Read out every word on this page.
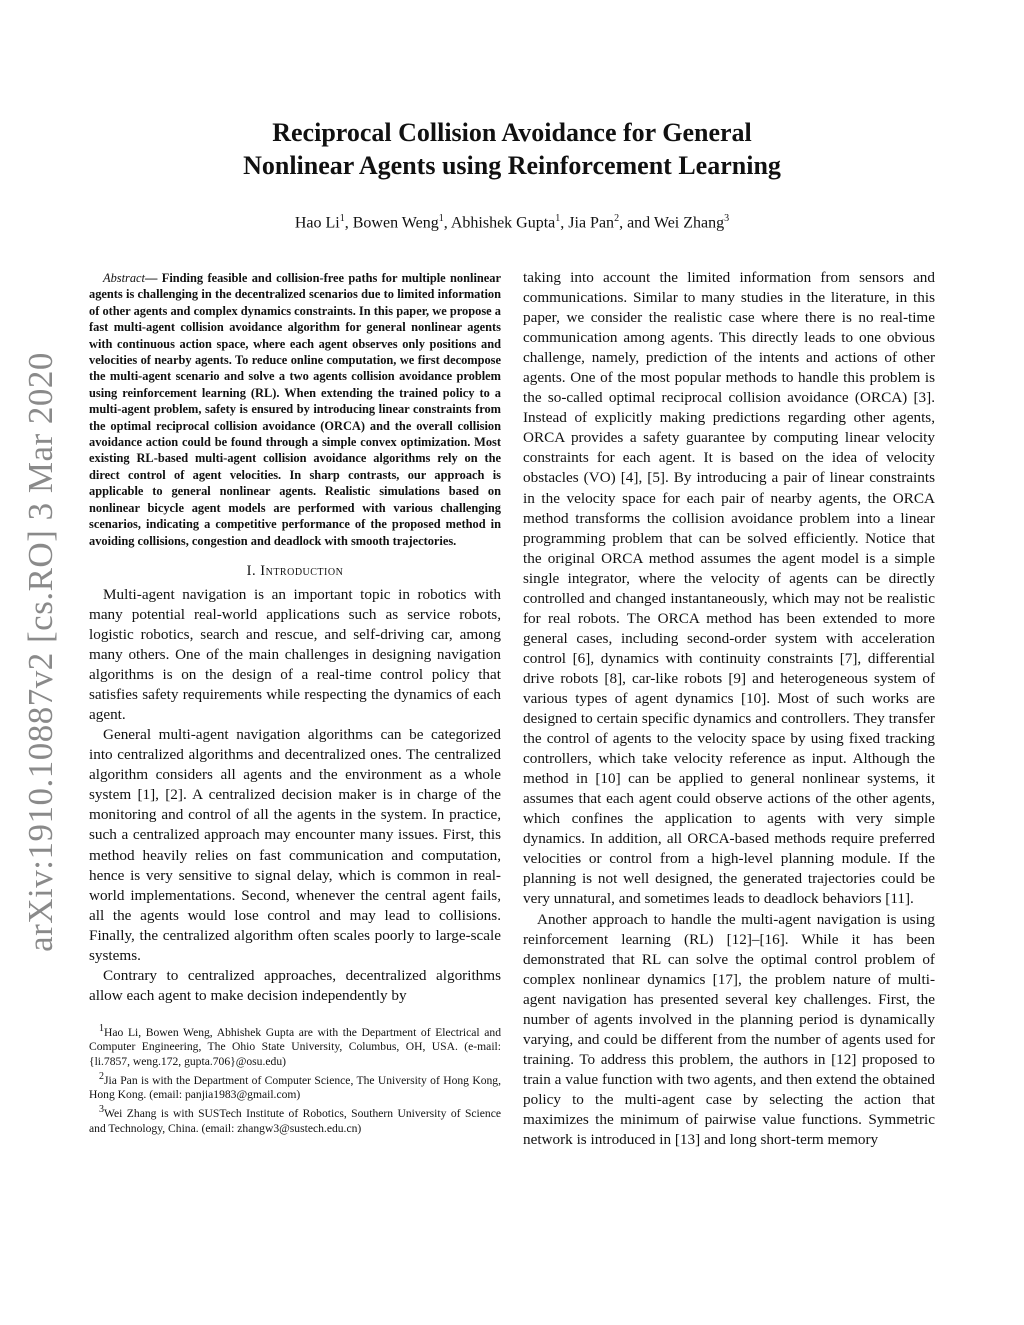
Reciprocal Collision Avoidance for General
Nonlinear Agents using Reinforcement Learning
Hao Li$^1$, Bowen Weng$^1$, Abhishek Gupta$^1$, Jia Pan$^2$, and Wei Zhang$^3$
arXiv:1910.10887v2 [cs.RO] 3 Mar 2020

Abstract— Finding feasible and collision-free paths for multiple nonlinear agents is challenging in the decentralized scenarios due to limited information of other agents and complex dynamics constraints. In this paper, we propose a fast multi-agent collision avoidance algorithm for general nonlinear agents with continuous action space, where each agent observes only positions and velocities of nearby agents. To reduce online computation, we first decompose the multi-agent scenario and solve a two agents collision avoidance problem using reinforcement learning (RL). When extending the trained policy to a multi-agent problem, safety is ensured by introducing linear constraints from the optimal reciprocal collision avoidance (ORCA) and the overall collision avoidance action could be found through a simple convex optimization. Most existing RL-based multi-agent collision avoidance algorithms rely on the direct control of agent velocities. In sharp contrasts, our approach is applicable to general nonlinear agents. Realistic simulations based on nonlinear bicycle agent models are performed with various challenging scenarios, indicating a competitive performance of the proposed method in avoiding collisions, congestion and deadlock with smooth trajectories.

I. Introduction

Multi-agent navigation is an important topic in robotics with many potential real-world applications such as service robots, logistic robotics, search and rescue, and self-driving car, among many others. One of the main challenges in designing navigation algorithms is on the design of a real-time control policy that satisfies safety requirements while respecting the dynamics of each agent.

General multi-agent navigation algorithms can be categorized into centralized algorithms and decentralized ones. The centralized algorithm considers all agents and the environment as a whole system [1], [2]. A centralized decision maker is in charge of the monitoring and control of all the agents in the system. In practice, such a centralized approach may encounter many issues. First, this method heavily relies on fast communication and computation, hence is very sensitive to signal delay, which is common in real-world implementations. Second, whenever the central agent fails, all the agents would lose control and may lead to collisions. Finally, the centralized algorithm often scales poorly to large-scale systems.

Contrary to centralized approaches, decentralized algorithms allow each agent to make decision independently by

$^1$Hao Li, Bowen Weng, Abhishek Gupta are with the Department of Electrical and Computer Engineering, The Ohio State University, Columbus, OH, USA. (e-mail: {li.7857, weng.172, gupta.706}@osu.edu)

$^2$Jia Pan is with the Department of Computer Science, The University of Hong Kong, Hong Kong. (email: panjia1983@gmail.com)

$^3$Wei Zhang is with SUSTech Institute of Robotics, Southern University of Science and Technology, China. (email: zhangw3@sustech.edu.cn)

taking into account the limited information from sensors and communications. Similar to many studies in the literature, in this paper, we consider the realistic case where there is no real-time communication among agents. This directly leads to one obvious challenge, namely, prediction of the intents and actions of other agents. One of the most popular methods to handle this problem is the so-called optimal reciprocal collision avoidance (ORCA) [3]. Instead of explicitly making predictions regarding other agents, ORCA provides a safety guarantee by computing linear velocity constraints for each agent. It is based on the idea of velocity obstacles (VO) [4], [5]. By introducing a pair of linear constraints in the velocity space for each pair of nearby agents, the ORCA method transforms the collision avoidance problem into a linear programming problem that can be solved efficiently. Notice that the original ORCA method assumes the agent model is a simple single integrator, where the velocity of agents can be directly controlled and changed instantaneously, which may not be realistic for real robots. The ORCA method has been extended to more general cases, including second-order system with acceleration control [6], dynamics with continuity constraints [7], differential drive robots [8], car-like robots [9] and heterogeneous system of various types of agent dynamics [10]. Most of such works are designed to certain specific dynamics and controllers. They transfer the control of agents to the velocity space by using fixed tracking controllers, which take velocity reference as input. Although the method in [10] can be applied to general nonlinear systems, it assumes that each agent could observe actions of the other agents, which confines the application to agents with very simple dynamics. In addition, all ORCA-based methods require preferred velocities or control from a high-level planning module. If the planning is not well designed, the generated trajectories could be very unnatural, and sometimes leads to deadlock behaviors [11].

Another approach to handle the multi-agent navigation is using reinforcement learning (RL) [12]–[16]. While it has been demonstrated that RL can solve the optimal control problem of complex nonlinear dynamics [17], the problem nature of multi-agent navigation has presented several key challenges. First, the number of agents involved in the planning period is dynamically varying, and could be different from the number of agents used for training. To address this problem, the authors in [12] proposed to train a value function with two agents, and then extend the obtained policy to the multi-agent case by selecting the action that maximizes the minimum of pairwise value functions. Symmetric network is introduced in [13] and long short-term memory
